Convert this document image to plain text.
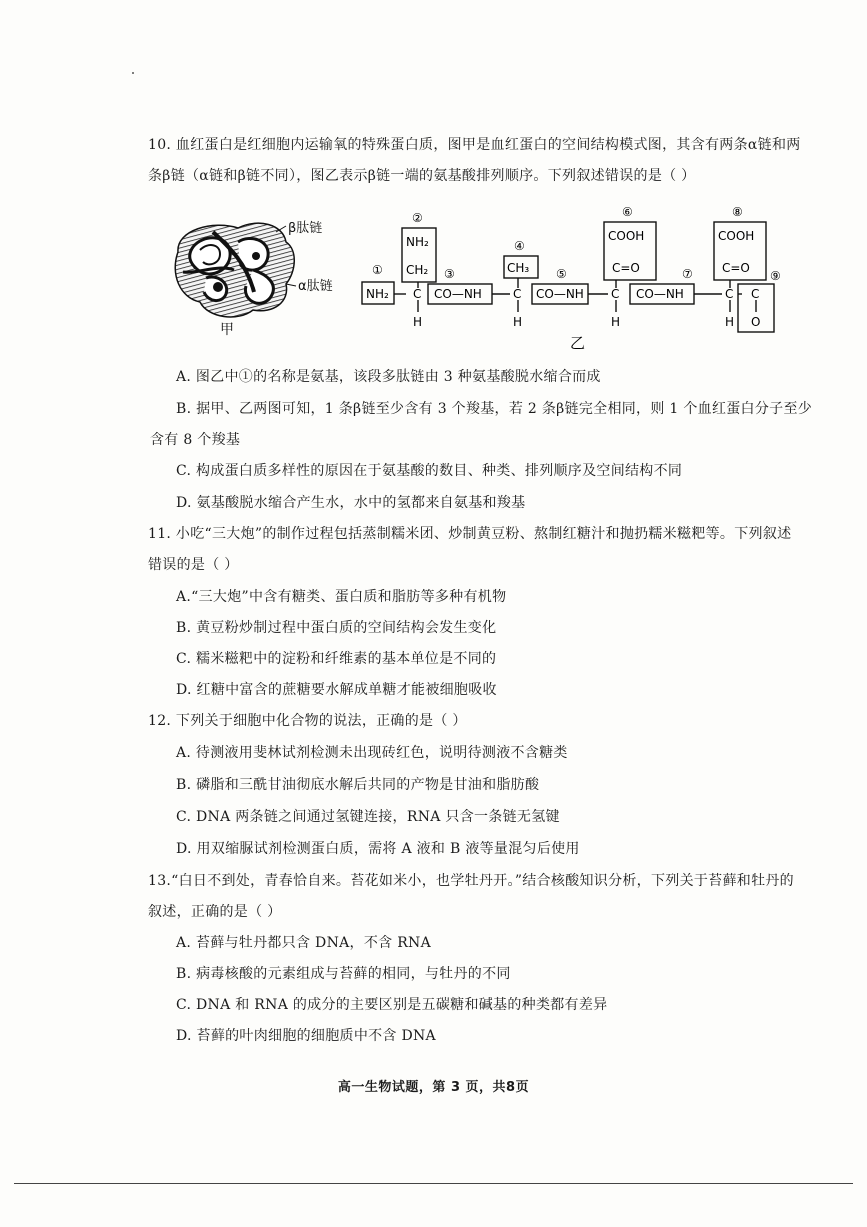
10. 血红蛋白是红细胞内运输氧的特殊蛋白质，图甲是血红蛋白的空间结构模式图，其含有两条α链和两
条β链（α链和β链不同），图乙表示β链一端的氨基酸排列顺序。下列叙述错误的是（ ）
β肽链
α肽链
甲
①
②
③
④
⑤
⑥
⑦
⑧
⑨
NH₂
NH₂
CH₂	CH₃
COOH
C=O
COOH
C=O
CO—NH	CO—NH	CO—NH
C	C	C	C C
H	H	H	H O
乙
A. 图乙中①的名称是氨基，该段多肽链由 3 种氨基酸脱水缩合而成
B. 据甲、乙两图可知，1 条β链至少含有 3 个羧基，若 2 条β链完全相同，则 1 个血红蛋白分子至少
含有 8 个羧基
C. 构成蛋白质多样性的原因在于氨基酸的数目、种类、排列顺序及空间结构不同
D. 氨基酸脱水缩合产生水，水中的氢都来自氨基和羧基
11. 小吃“三大炮”的制作过程包括蒸制糯米团、炒制黄豆粉、熬制红糖汁和抛扔糯米糍粑等。下列叙述
错误的是（ ）
A.“三大炮”中含有糖类、蛋白质和脂肪等多种有机物
B. 黄豆粉炒制过程中蛋白质的空间结构会发生变化
C. 糯米糍粑中的淀粉和纤维素的基本单位是不同的
D. 红糖中富含的蔗糖要水解成单糖才能被细胞吸收
12. 下列关于细胞中化合物的说法，正确的是（ ）
A. 待测液用斐林试剂检测未出现砖红色，说明待测液不含糖类
B. 磷脂和三酰甘油彻底水解后共同的产物是甘油和脂肪酸
C. DNA 两条链之间通过氢键连接，RNA 只含一条链无氢键
D. 用双缩脲试剂检测蛋白质，需将 A 液和 B 液等量混匀后使用
13.“白日不到处，青春恰自来。苔花如米小，也学牡丹开。”结合核酸知识分析，下列关于苔藓和牡丹的
叙述，正确的是（ ）
A. 苔藓与牡丹都只含 DNA，不含 RNA
B. 病毒核酸的元素组成与苔藓的相同，与牡丹的不同
C. DNA 和 RNA 的成分的主要区别是五碳糖和碱基的种类都有差异
D. 苔藓的叶肉细胞的细胞质中不含 DNA
高一生物试题，第 3 页，共8页
